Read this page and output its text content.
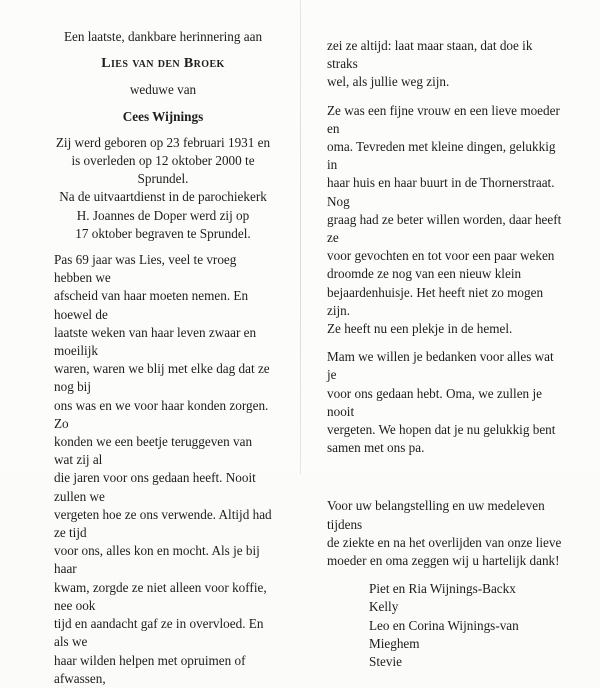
Een laatste, dankbare herinnering aan

Lies van den Broek

weduwe van

Cees Wijnings

Zij werd geboren op 23 februari 1931 en

is overleden op 12 oktober 2000 te Sprundel.

Na de uitvaartdienst in de parochiekerk

H. Joannes de Doper werd zij op

17 oktober begraven te Sprundel.

Pas 69 jaar was Lies, veel te vroeg hebben we

afscheid van haar moeten nemen. En hoewel de

laatste weken van haar leven zwaar en moeilijk

waren, waren we blij met elke dag dat ze nog bij

ons was en we voor haar konden zorgen. Zo

konden we een beetje teruggeven van wat zij al

die jaren voor ons gedaan heeft. Nooit zullen we

vergeten hoe ze ons verwende. Altijd had ze tijd

voor ons, alles kon en mocht. Als je bij haar

kwam, zorgde ze niet alleen voor koffie, nee ook

tijd en aandacht gaf ze in overvloed. En als we

haar wilden helpen met opruimen of afwassen,

zei ze altijd: laat maar staan, dat doe ik straks

wel, als jullie weg zijn.

Ze was een fijne vrouw en een lieve moeder en

oma. Tevreden met kleine dingen, gelukkig in

haar huis en haar buurt in de Thornerstraat. Nog

graag had ze beter willen worden, daar heeft ze

voor gevochten en tot voor een paar weken

droomde ze nog van een nieuw klein

bejaardenhuisje. Het heeft niet zo mogen zijn.

Ze heeft nu een plekje in de hemel.

Mam we willen je bedanken voor alles wat je

voor ons gedaan hebt. Oma, we zullen je nooit

vergeten. We hopen dat je nu gelukkig bent

samen met ons pa.

Voor uw belangstelling en uw medeleven tijdens

de ziekte en na het overlijden van onze lieve

moeder en oma zeggen wij u hartelijk dank!

Piet en Ria Wijnings-Backx

Kelly

Leo en Corina Wijnings-van Mieghem

Stevie
